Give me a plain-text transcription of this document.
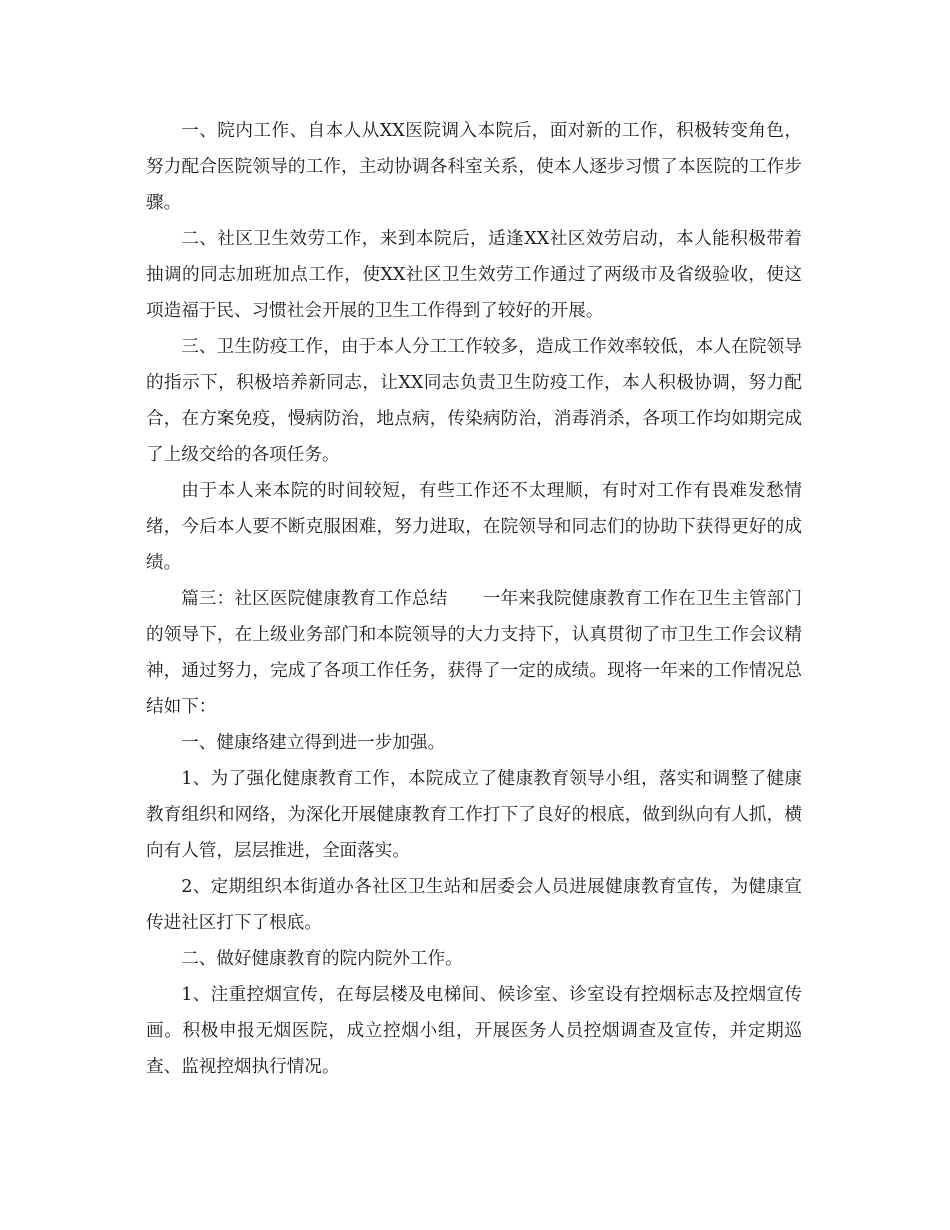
一、院内工作、自本人从XX医院调入本院后，面对新的工作，积极转变角色，努力配合医院领导的工作，主动协调各科室关系，使本人逐步习惯了本医院的工作步骤。

二、社区卫生效劳工作，来到本院后，适逢XX社区效劳启动，本人能积极带着抽调的同志加班加点工作，使XX社区卫生效劳工作通过了两级市及省级验收，使这项造福于民、习惯社会开展的卫生工作得到了较好的开展。

三、卫生防疫工作，由于本人分工工作较多，造成工作效率较低，本人在院领导的指示下，积极培养新同志，让XX同志负责卫生防疫工作，本人积极协调，努力配合，在方案免疫，慢病防治，地点病，传染病防治，消毒消杀，各项工作均如期完成了上级交给的各项任务。

由于本人来本院的时间较短，有些工作还不太理顺，有时对工作有畏难发愁情绪，今后本人要不断克服困难，努力进取，在院领导和同志们的协助下获得更好的成绩。

篇三：社区医院健康教育工作总结　　一年来我院健康教育工作在卫生主管部门的领导下，在上级业务部门和本院领导的大力支持下，认真贯彻了市卫生工作会议精神，通过努力，完成了各项工作任务，获得了一定的成绩。现将一年来的工作情况总结如下：

一、健康络建立得到进一步加强。

1、为了强化健康教育工作，本院成立了健康教育领导小组，落实和调整了健康教育组织和网络，为深化开展健康教育工作打下了良好的根底，做到纵向有人抓，横向有人管，层层推进，全面落实。

2、定期组织本街道办各社区卫生站和居委会人员进展健康教育宣传，为健康宣传进社区打下了根底。

二、做好健康教育的院内院外工作。

1、注重控烟宣传，在每层楼及电梯间、候诊室、诊室设有控烟标志及控烟宣传画。积极申报无烟医院，成立控烟小组，开展医务人员控烟调查及宣传，并定期巡查、监视控烟执行情况。
